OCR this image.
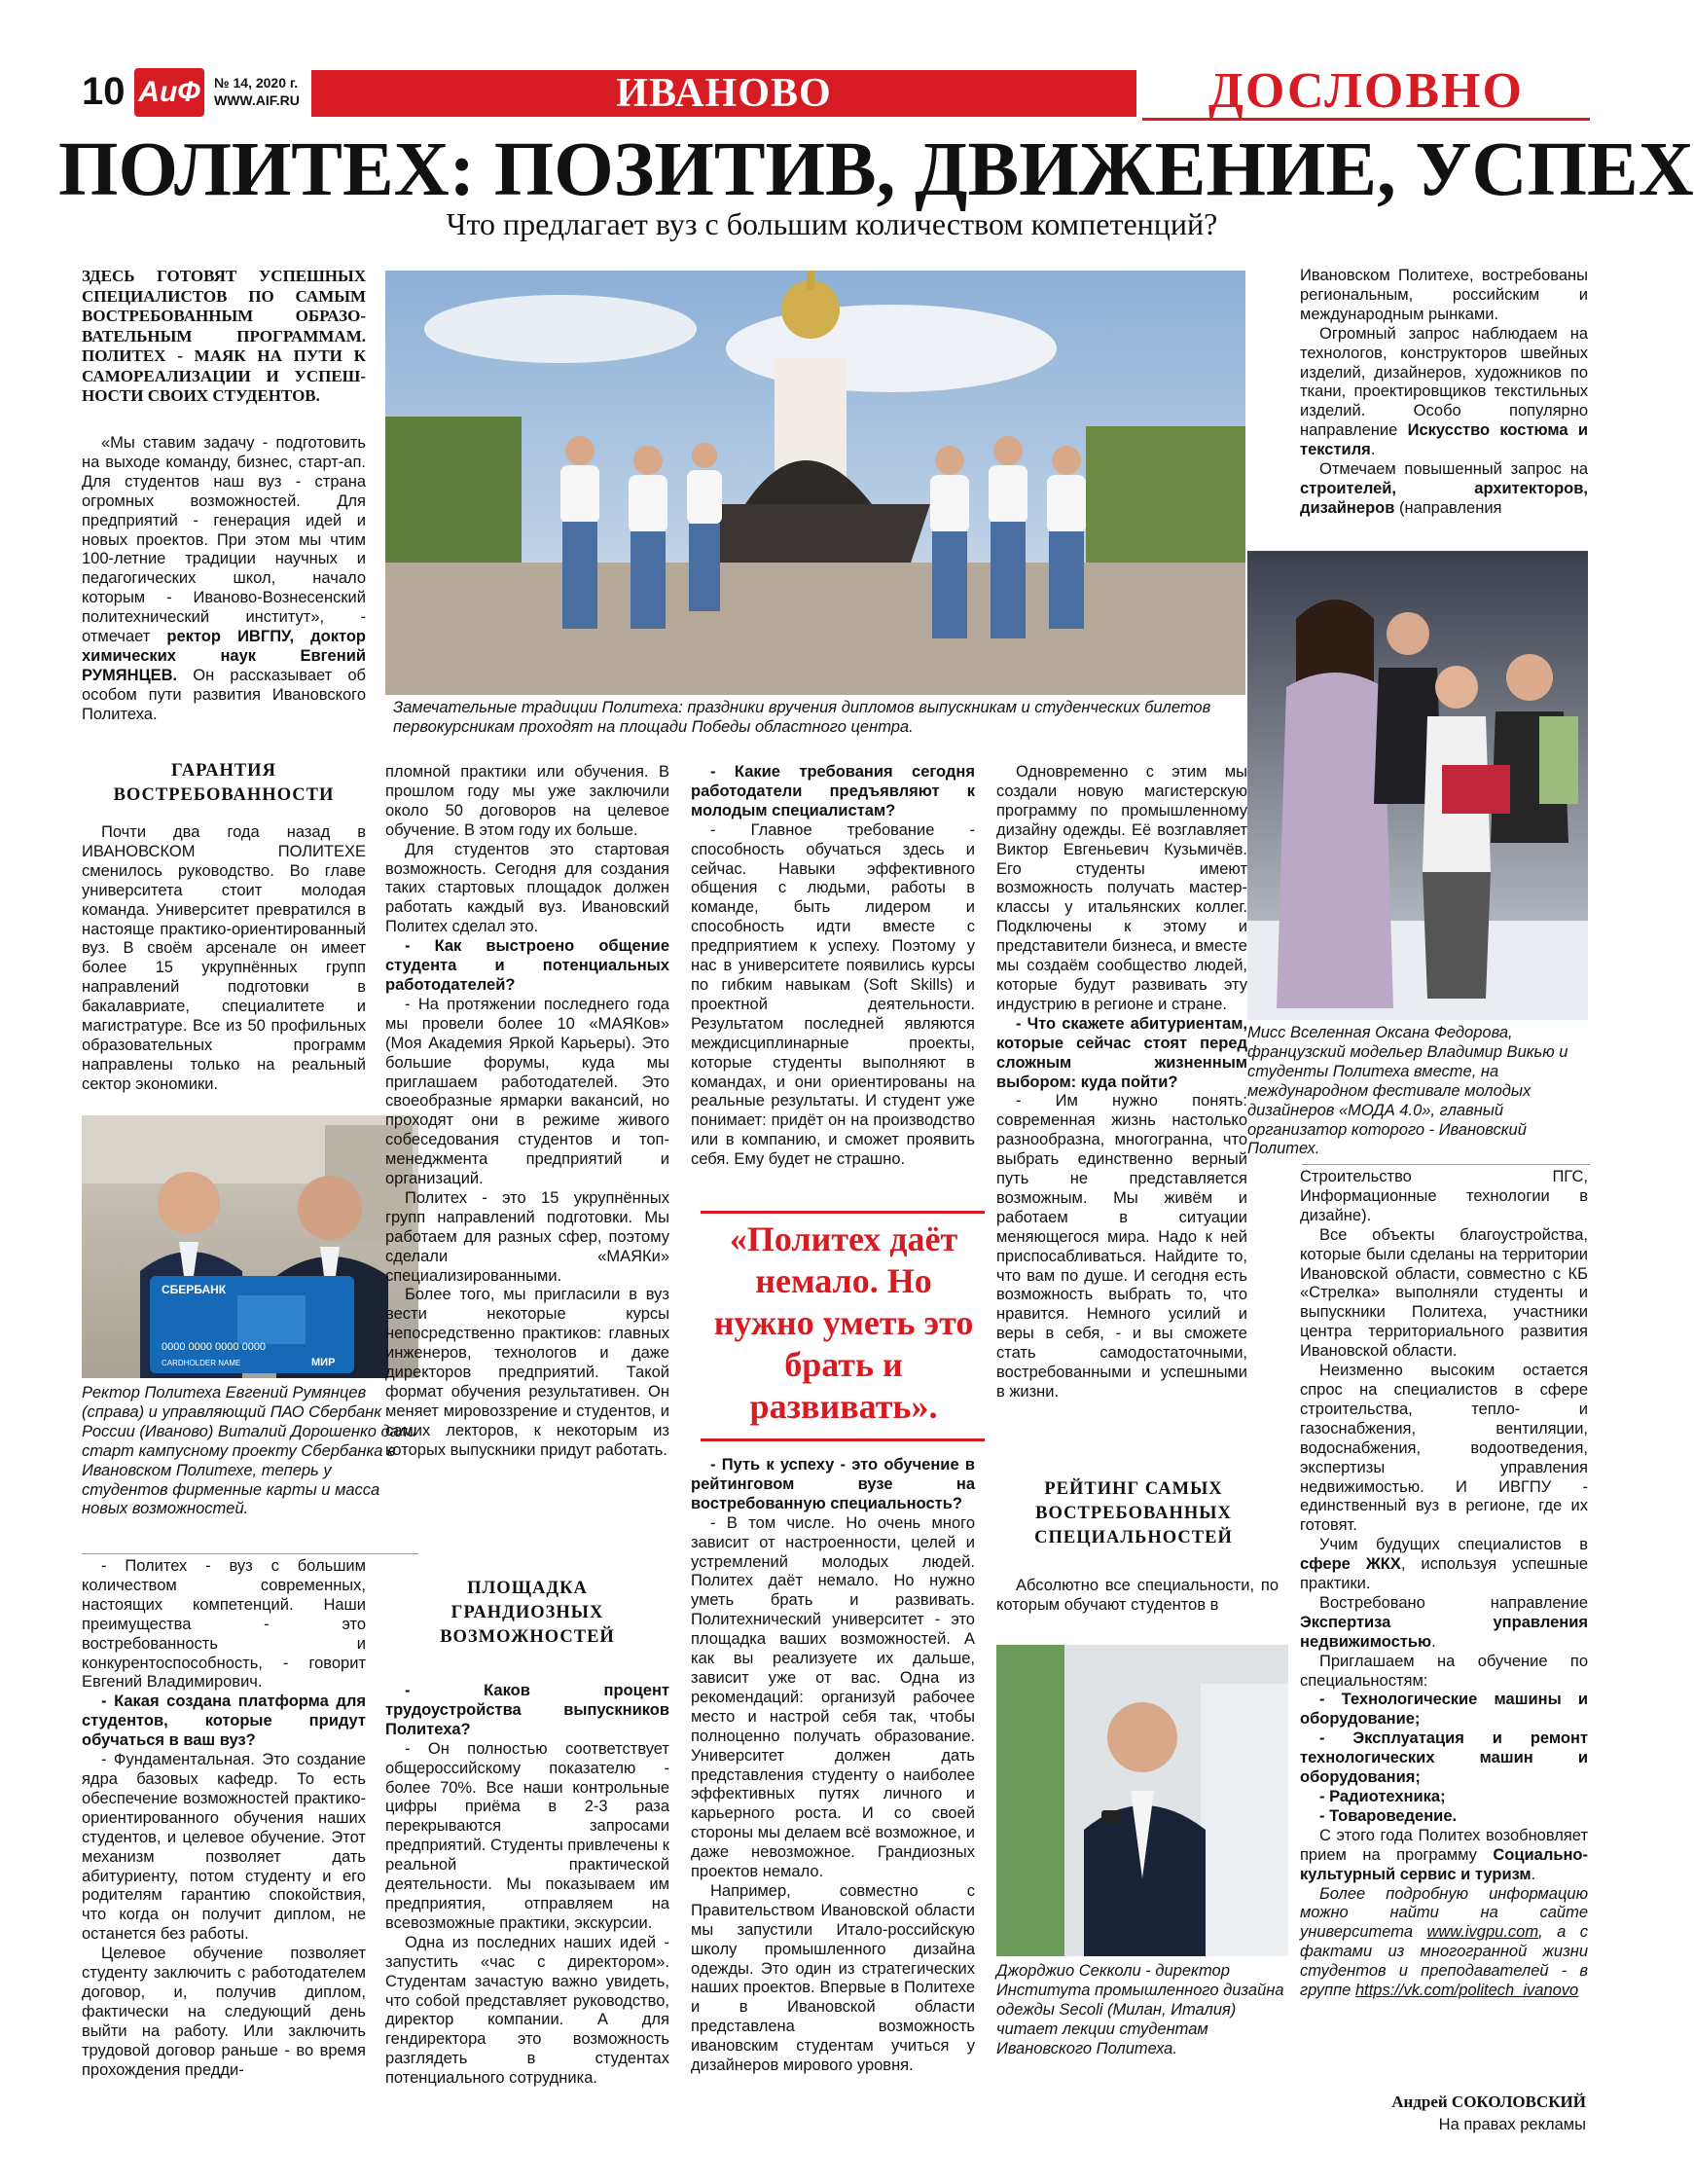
10 АиФ	№ 14, 2020 г.
WWW.AIF.RU	ИВАНОВО	ДОСЛОВНО
ПОЛИТЕХ: ПОЗИТИВ, ДВИЖЕНИЕ, УСПЕХ
Что предлагает вуз с большим количеством компетенций?
ЗДЕСЬ ГОТОВЯТ УСПЕШНЫХ СПЕЦИАЛИСТОВ ПО САМЫМ ВОСТРЕБОВАННЫМ ОБРАЗО-ВАТЕЛЬНЫМ ПРОГРАММАМ. ПОЛИТЕХ - МАЯК НА ПУТИ К САМОРЕАЛИЗАЦИИ И УСПЕШ-НОСТИ СВОИХ СТУДЕНТОВ.

«Мы ставим задачу - подготовить на выходе команду, бизнес, старт-ап. Для студентов наш вуз - страна огромных возможностей. Для предприятий - генерация идей и новых проектов. При этом мы чтим 100-летние традиции научных и педагогических школ, начало которым - Иваново-Вознесенский политехнический институт», - отмечает ректор ИВГПУ, доктор химических наук Евгений РУМЯНЦЕВ. Он рассказывает об особом пути развития Ивановского Политеха.

ГАРАНТИЯ ВОСТРЕБОВАННОСТИ

Почти два года назад в ИВАНОВСКОМ ПОЛИТЕХЕ сменилось руководство. Во главе университета стоит молодая команда. Университет превратился в настояще практико-ориентированный вуз. В своём арсенале он имеет более 15 укрупнённых групп направлений подготовки в бакалавриате, специалитете и магистратуре. Все из 50 профильных образовательных программ направлены только на реальный сектор экономики.

СБЕРБАНК
0000 0000 0000 0000
CARDHOLDER NAME	МИР
Ректор Политеха Евгений Румянцев (справа) и управляющий ПАО Сбербанк России (Иваново) Виталий Дорошенко дали старт кампусному проекту Сбербанка в Ивановском Политехе, теперь у студентов фирменные карты и масса новых возможностей.

- Политех - вуз с большим количеством современных, настоящих компетенций. Наши преимущества - это востребованность и конкурентоспособность, - говорит Евгений Владимирович.

- Какая создана платформа для студентов, которые придут обучаться в ваш вуз?

- Фундаментальная. Это создание ядра базовых кафедр. То есть обеспечение возможностей практико-ориентированного обучения наших студентов, и целевое обучение. Этот механизм позволяет дать абитуриенту, потом студенту и его родителям гарантию спокойствия, что когда он получит диплом, не останется без работы.

Целевое обучение позволяет студенту заключить с работодателем договор, и, получив диплом, фактически на следующий день выйти на работу. Или заключить трудовой договор раньше - во время прохождения предди-

Замечательные традиции Политеха: праздники вручения дипломов выпускникам и студенческих билетов первокурсникам проходят на площади Победы областного центра.

пломной практики или обучения. В прошлом году мы уже заключили около 50 договоров на целевое обучение. В этом году их больше.

Для студентов это стартовая возможность. Сегодня для создания таких стартовых площадок должен работать каждый вуз. Ивановский Политех сделал это.

- Как выстроено общение студента и потенциальных работодателей?

- На протяжении последнего года мы провели более 10 «МАЯКов» (Моя Академия Яркой Карьеры). Это большие форумы, куда мы приглашаем работодателей. Это своеобразные ярмарки вакансий, но проходят они в режиме живого собеседования студентов и топ-менеджмента предприятий и организаций.

Политех - это 15 укрупнённых групп направлений подготовки. Мы работаем для разных сфер, поэтому сделали «МАЯКи» специализированными.

Более того, мы пригласили в вуз вести некоторые курсы непосредственно практиков: главных инженеров, технологов и даже директоров предприятий. Такой формат обучения результативен. Он меняет мировоззрение и студентов, и самих лекторов, к некоторым из которых выпускники придут работать.

ПЛОЩАДКА ГРАНДИОЗНЫХ ВОЗМОЖНОСТЕЙ

- Каков процент трудоустройства выпускников Политеха?

- Он полностью соответствует общероссийскому показателю - более 70%. Все наши контрольные цифры приёма в 2-3 раза перекрываются запросами предприятий. Студенты привлечены к реальной практической деятельности. Мы показываем им предприятия, отправляем на всевозможные практики, экскурсии.

Одна из последних наших идей - запустить «час с директором». Студентам зачастую важно увидеть, что собой представляет руководство, директор компании. А для гендиректора это возможность разглядеть в студентах потенциального сотрудника.

- Какие требования сегодня работодатели предъявляют к молодым специалистам?

- Главное требование - способность обучаться здесь и сейчас. Навыки эффективного общения с людьми, работы в команде, быть лидером и способность идти вместе с предприятием к успеху. Поэтому у нас в университете появились курсы по гибким навыкам (Soft Skills) и проектной деятельности. Результатом последней являются междисциплинарные проекты, которые студенты выполняют в командах, и они ориентированы на реальные результаты. И студент уже понимает: придёт он на производство или в компанию, и сможет проявить себя. Ему будет не страшно.

«Политех даёт немало. Но нужно уметь это брать и развивать».

- Путь к успеху - это обучение в рейтинговом вузе на востребованную специальность?

- В том числе. Но очень много зависит от настроенности, целей и устремлений молодых людей. Политех даёт немало. Но нужно уметь брать и развивать. Политехнический университет - это площадка ваших возможностей. А как вы реализуете их дальше, зависит уже от вас. Одна из рекомендаций: организуй рабочее место и настрой себя так, чтобы полноценно получать образование. Университет должен дать представления студенту о наиболее эффективных путях личного и карьерного роста. И со своей стороны мы делаем всё возможное, и даже невозможное. Грандиозных проектов немало.

Например, совместно с Правительством Ивановской области мы запустили Итало-российскую школу промышленного дизайна одежды. Это один из стратегических наших проектов. Впервые в Политехе и в Ивановской области представлена возможность ивановским студентам учиться у дизайнеров мирового уровня.

Одновременно с этим мы создали новую магистерскую программу по промышленному дизайну одежды. Её возглавляет Виктор Евгеньевич Кузьмичёв. Его студенты имеют возможность получать мастер-классы у итальянских коллег. Подключены к этому и представители бизнеса, и вместе мы создаём сообщество людей, которые будут развивать эту индустрию в регионе и стране.

- Что скажете абитуриентам, которые сейчас стоят перед сложным жизненным выбором: куда пойти?

- Им нужно понять: современная жизнь настолько разнообразна, многогранна, что выбрать единственно верный путь не представляется возможным. Мы живём и работаем в ситуации меняющегося мира. Надо к ней приспосабливаться. Найдите то, что вам по душе. И сегодня есть возможность выбрать то, что нравится. Немного усилий и веры в себя, - и вы сможете стать самодостаточными, востребованными и успешными в жизни.

РЕЙТИНГ САМЫХ ВОСТРЕБОВАННЫХ СПЕЦИАЛЬНОСТЕЙ

Абсолютно все специальности, по которым обучают студентов в

Джорджио Секколи - директор Института промышленного дизайна одежды Secoli (Милан, Италия) читает лекции студентам Ивановского Политеха.

Ивановском Политехе, востребованы региональным, российским и международным рынками.

Огромный запрос наблюдаем на технологов, конструкторов швейных изделий, дизайнеров, художников по ткани, проектировщиков текстильных изделий. Особо популярно направление Искусство костюма и текстиля.

Отмечаем повышенный запрос на строителей, архитекторов, дизайнеров (направления

Мисс Вселенная Оксана Федорова, французский модельер Владимир Викью и студенты Политеха вместе, на международном фестивале молодых дизайнеров «МОДА 4.0», главный организатор которого - Ивановский Политех.

Строительство ПГС, Информационные технологии в дизайне).

Все объекты благоустройства, которые были сделаны на территории Ивановской области, совместно с КБ «Стрелка» выполняли студенты и выпускники Политеха, участники центра территориального развития Ивановской области.

Неизменно высоким остается спрос на специалистов в сфере строительства, тепло- и газоснабжения, вентиляции, водоснабжения, водоотведения, экспертизы управления недвижимостью. И ИВГПУ - единственный вуз в регионе, где их готовят.

Учим будущих специалистов в сфере ЖКХ, используя успешные практики.

Востребовано направление Экспертиза управления недвижимостью.

Приглашаем на обучение по специальностям:

- Технологические машины и оборудование;

- Эксплуатация и ремонт технологических машин и оборудования;

- Радиотехника;

- Товароведение.

С этого года Политех возобновляет прием на программу Социально-культурный сервис и туризм.

Более подробную информацию можно найти на сайте университета www.ivgpu.com, а с фактами из многогранной жизни студентов и преподавателей - в группе https://vk.com/politech_ivanovo

Андрей СОКОЛОВСКИЙ
На правах рекламы
